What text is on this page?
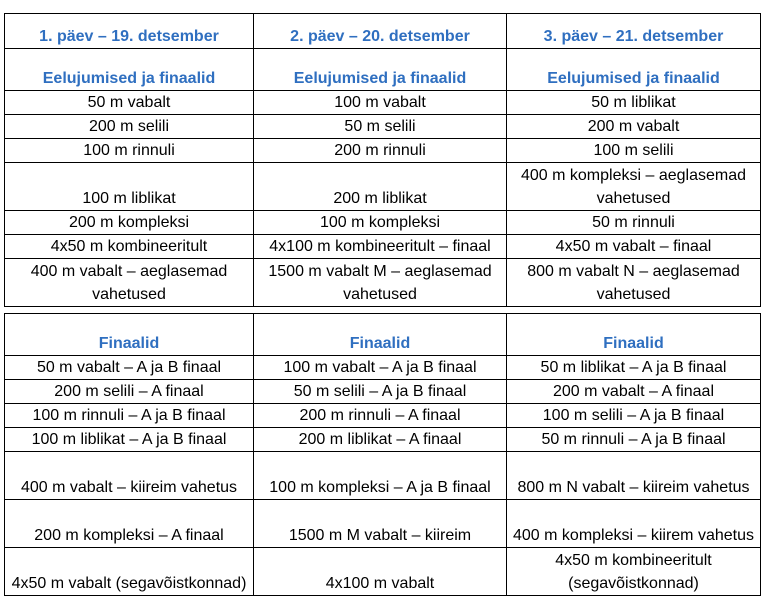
1. päev – 19. detsember	2. päev – 20. detsember	3. päev – 21. detsember
Eelujumised ja finaalid	Eelujumised ja finaalid	Eelujumised ja finaalid
50 m vabalt	100 m vabalt	50 m liblikat
200 m selili	50 m selili	200 m vabalt
100 m rinnuli	200 m rinnuli	100 m selili
100 m liblikat	200 m liblikat	400 m kompleksi – aeglasemad vahetused
200 m kompleksi	100 m kompleksi	50 m rinnuli
4x50 m kombineeritult	4x100 m kombineeritult – finaal	4x50 m vabalt – finaal
400 m vabalt – aeglasemad vahetused	1500 m vabalt M – aeglasemad vahetused	800 m vabalt N – aeglasemad vahetused
Finaalid	Finaalid	Finaalid
50 m vabalt – A ja B finaal	100 m vabalt – A ja B finaal	50 m liblikat – A ja B finaal
200 m selili – A finaal	50 m selili – A ja B finaal	200 m vabalt – A finaal
100 m rinnuli – A ja B finaal	200 m rinnuli – A finaal	100 m selili – A ja B finaal
100 m liblikat – A ja B finaal	200 m liblikat – A finaal	50 m rinnuli – A ja B finaal
400 m vabalt – kiireim vahetus	100 m kompleksi – A ja B finaal	800 m N vabalt – kiireim vahetus
200 m kompleksi – A finaal	1500 m M vabalt – kiireim	400 m kompleksi – kiirem vahetus
4x50 m vabalt (segavõistkonnad)	4x100 m vabalt	4x50 m kombineeritult (segavõistkonnad)
